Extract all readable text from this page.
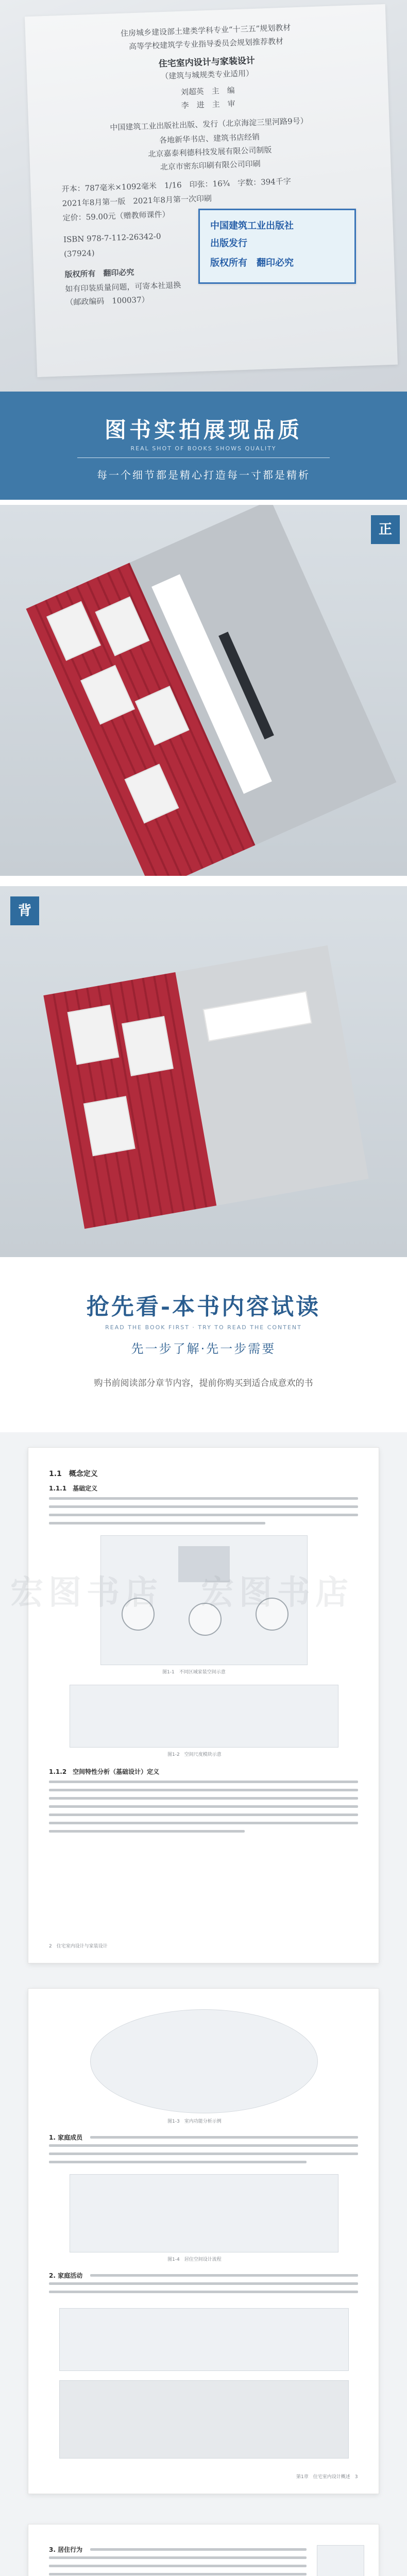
住房城乡建设部土建类学科专业“十三五”规划教材
高等学校建筑学专业指导委员会规划推荐教材
住宅室内设计与家装设计
（建筑与城规类专业适用）
刘超英　主　编
李　进　主　审
中国建筑工业出版社出版、发行（北京海淀三里河路9号）
各地新华书店、建筑书店经销
北京嘉泰利德科技发展有限公司制版
北京市密东印刷有限公司印刷
开本：787毫米×1092毫米　1/16　印张：16¾　字数：394千字
2021年8月第一版　2021年8月第一次印刷
定价：59.00元（赠教师课件）
ISBN 978-7-112-26342-0
(37924)
版权所有　翻印必究
如有印装质量问题，可寄本社退换
（邮政编码　100037）
中国建筑工业出版社
出版发行
版权所有　翻印必究
图书实拍展现品质
REAL SHOT OF BOOKS SHOWS QUALITY
每一个细节都是精心打造每一寸都是精析
正
背
抢先看-本书内容试读
READ THE BOOK FIRST · TRY TO READ THE CONTENT
先一步了解·先一步需要
购书前阅读部分章节内容，提前你购买到适合成意欢的书
1.1　概念定义
1.1.1　基础定义
图1-1　不同区域家装空间示意
图1-2　空间尺度模块示意
1.1.2　空间特性分析（基础设计）定义
2　住宅室内设计与家装设计
宏图书店　宏图书店
图1-3　室内功能分析示例
1. 家庭成员
图1-4　居住空间设计流程
2. 家庭活动
第1章　住宅室内设计概述　3
3. 居住行为
